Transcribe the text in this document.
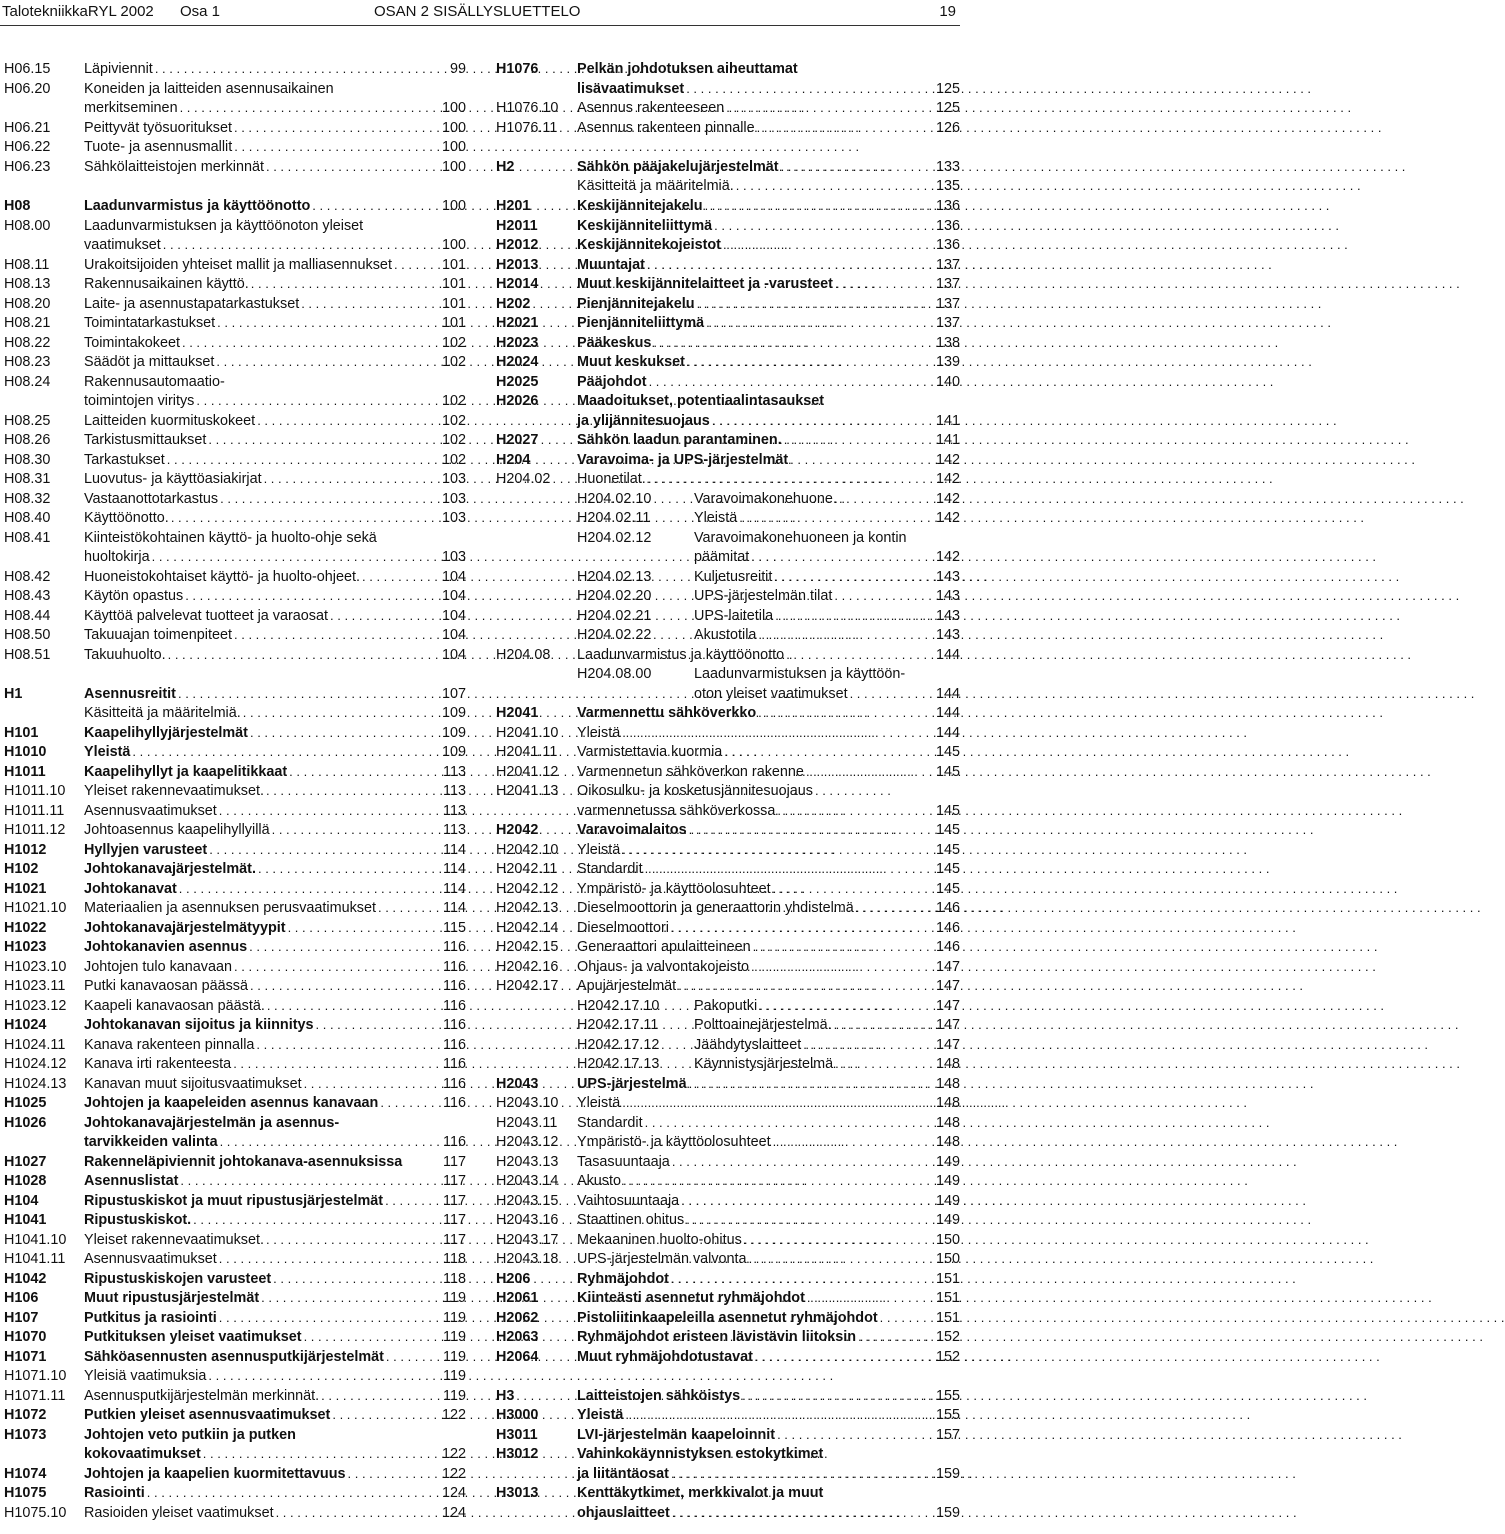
TalotekniikkaRYL 2002 Osa 1	OSAN 2 SISÄLLYSLUETTELO	19
H06.15 Läpiviennit . . .	99
H06.20 Koneiden ja laitteiden asennusaikainen
merkitseminen . . .	100
H06.21 Peittyvät työsuoritukset . . .	100
H06.22 Tuote- ja asennusmallit . . .	100
H06.23 Sähkölaitteistojen merkinnät . . .	100
H08	Laadunvarmistus ja käyttöönotto . . .	100
H08.00 Laadunvarmistuksen ja käyttöönoton yleiset
vaatimukset . . .	100
H08.11 Urakoitsijoiden yhteiset mallit ja malliasennukset . . .	101
H08.13 Rakennusaikainen käyttö. . . .	101
H08.20 Laite- ja asennustapatarkastukset . . .	101
H08.21 Toimintatarkastukset . . .	101
H08.22 Toimintakokeet . . .	102
H08.23 Säädöt ja mittaukset . . .	102
H08.24 Rakennusautomaatio-
toimintojen viritys . . .	102
H08.25 Laitteiden kuormituskokeet . . .	102
H08.26 Tarkistusmittaukset . . .	102
H08.30 Tarkastukset . . .	102
H08.31 Luovutus- ja käyttöasiakirjat . . .	103
H08.32 Vastaanottotarkastus . . .	103
H08.40 Käyttöönotto. . . .	103
H08.41 Kiinteistökohtainen käyttö- ja huolto-ohje sekä
huoltokirja . . .	103
H08.42 Huoneistokohtaiset käyttö- ja huolto-ohjeet. . . .	104
H08.43 Käytön opastus . . .	104
H08.44 Käyttöä palvelevat tuotteet ja varaosat . . .	104
H08.50 Takuuajan toimenpiteet . . .	104
H08.51 Takuuhuolto. . . .	104
H1	Asennusreitit . . .	107
Käsitteitä ja määritelmiä. . . .	109
H101	Kaapelihyllyjärjestelmät . . .	109
H1010	Yleistä . . .	109
H1011	Kaapelihyllyt ja kaapelitikkaat . . .	113
H1011.10 Yleiset rakennevaatimukset. . . .	113
H1011.11 Asennusvaatimukset . . .	113
H1011.12 Johtoasennus kaapelihyllyillä . . .	113
H1012	Hyllyjen varusteet . . .	114
H102	Johtokanavajärjestelmät. . . .	114
H1021	Johtokanavat . . .	114
H1021.10 Materiaalien ja asennuksen perusvaatimukset . . .	114
H1022	Johtokanavajärjestelmätyypit . . .	115
H1023	Johtokanavien asennus . . .	116
H1023.10 Johtojen tulo kanavaan . . .	116
H1023.11 Putki kanavaosan päässä . . .	116
H1023.12 Kaapeli kanavaosan päästä. . . .	116
H1024	Johtokanavan sijoitus ja kiinnitys . . .	116
H1024.11 Kanava rakenteen pinnalla . . .	116
H1024.12 Kanava irti rakenteesta . . .	116
H1024.13 Kanavan muut sijoitusvaatimukset . . .	116
H1025	Johtojen ja kaapeleiden asennus kanavaan . . .	116
H1026	Johtokanavajärjestelmän ja asennus-
tarvikkeiden valinta . . .	116
H1027	Rakenneläpiviennit johtokanava-asennuksissa	117
H1028	Asennuslistat . . .	117
H104	Ripustuskiskot ja muut ripustusjärjestelmät . . .	117
H1041	Ripustuskiskot. . . .	117
H1041.10 Yleiset rakennevaatimukset. . . .	117
H1041.11 Asennusvaatimukset . . .	118
H1042	Ripustuskiskojen varusteet . . .	118
H106	Muut ripustusjärjestelmät . . .	119
H107	Putkitus ja rasiointi . . .	119
H1070	Putkituksen yleiset vaatimukset . . .	119
H1071	Sähköasennusten asennusputkijärjestelmät . . .	119
H1071.10 Yleisiä vaatimuksia . . .	119
H1071.11 Asennusputkijärjestelmän merkinnät. . . .	119
H1072	Putkien yleiset asennusvaatimukset . . .	122
H1073	Johtojen veto putkiin ja putken
kokovaatimukset . . .	122
H1074	Johtojen ja kaapelien kuormitettavuus . . .	122
H1075	Rasiointi . . .	124
H1075.10 Rasioiden yleiset vaatimukset . . .	124
H1076	Pelkän johdotuksen aiheuttamat
lisävaatimukset . . .	125
H1076.10 Asennus rakenteeseen . . .	125
H1076.11 Asennus rakenteen pinnalle . . .	126
H2	Sähkön pääjakelujärjestelmät . . .	133
Käsitteitä ja määritelmiä. . . .	135
H201	Keskijännitejakelu . . .	136
H2011	Keskijänniteliittymä . . .	136
H2012	Keskijännitekojeistot . . .	136
H2013	Muuntajat . . .	137
H2014	Muut keskijännitelaitteet ja -varusteet . . .	137
H202	Pienjännitejakelu . . .	137
H2021	Pienjänniteliittymä . . .	137
H2023	Pääkeskus . . .	138
H2024	Muut keskukset . . .	139
H2025	Pääjohdot . . .	140
H2026	Maadoitukset, potentiaalintasaukset
ja ylijännitesuojaus . . .	141
H2027	Sähkön laadun parantaminen. . . .	141
H204	Varavoima- ja UPS-järjestelmät . . .	142
H204.02 Huonetilat. . . .	142
H204.02.10	Varavoimakonehuone. . . .	142
H204.02.11	Yleistä . . .	142
H204.02.12	Varavoimakonehuoneen ja kontin
päämitat . . .	142
H204.02.13	Kuljetusreitit . . .	143
H204.02.20	UPS-järjestelmän tilat . . .	143
H204.02.21	UPS-laitetila . . .	143
H204.02.22	Akustotila . . .	143
H204.08 Laadunvarmistus ja käyttöönotto . . .	144
H204.08.00	Laadunvarmistuksen ja käyttöön-
oton yleiset vaatimukset . . .	144
H2041	Varmennettu sähköverkko . . .	144
H2041.10 Yleistä . . .	144
H2041.11 Varmistettavia kuormia . . .	145
H2041.12 Varmennetun sähköverkon rakenne . . .	145
H2041.13 Oikosulku- ja kosketusjännitesuojaus
varmennetussa sähköverkossa . . .	145
H2042	Varavoimalaitos . . .	145
H2042.10 Yleistä . . .	145
H2042.11 Standardit . . .	145
H2042.12 Ympäristö- ja käyttöolosuhteet . . .	145
H2042.13 Dieselmoottorin ja generaattorin yhdistelmä . . .	146
H2042.14 Dieselmoottori . . .	146
H2042.15 Generaattori apulaitteineen . . .	146
H2042.16 Ohjaus- ja valvontakojeisto . . .	147
H2042.17 Apujärjestelmät . . .	147
H2042.17.10 Pakoputki . . .	147
H2042.17.11 Polttoainejärjestelmä. . . .	147
H2042.17.12 Jäähdytyslaitteet . . .	147
H2042.17.13 Käynnistysjärjestelmä . . .	148
H2043	UPS-järjestelmä . . .	148
H2043.10 Yleistä . . .	148
H2043.11 Standardit . . .	148
H2043.12 Ympäristö- ja käyttöolosuhteet . . .	148
H2043.13 Tasasuuntaaja . . .	149
H2043.14 Akusto . . .	149
H2043.15 Vaihtosuuntaaja . . .	149
H2043.16 Staattinen ohitus . . .	149
H2043.17 Mekaaninen huolto-ohitus . . .	150
H2043.18 UPS-järjestelmän valvonta . . .	150
H206	Ryhmäjohdot . . .	151
H2061	Kiinteästi asennetut ryhmäjohdot . . .	151
H2062	Pistoliitinkaapeleilla asennetut ryhmäjohdot . . .	151
H2063	Ryhmäjohdot eristeen lävistävin liitoksin . . .	152
H2064	Muut ryhmäjohdotustavat . . .	152
H3	Laitteistojen sähköistys . . .	155
H3000	Yleistä . . .	155
H3011	LVI-järjestelmän kaapeloinnit . . .	157
H3012	Vahinkokäynnistyksen estokytkimet
ja liitäntäosat . . .	159
H3013	Kenttäkytkimet, merkkivalot ja muut
ohjauslaitteet . . .	159
